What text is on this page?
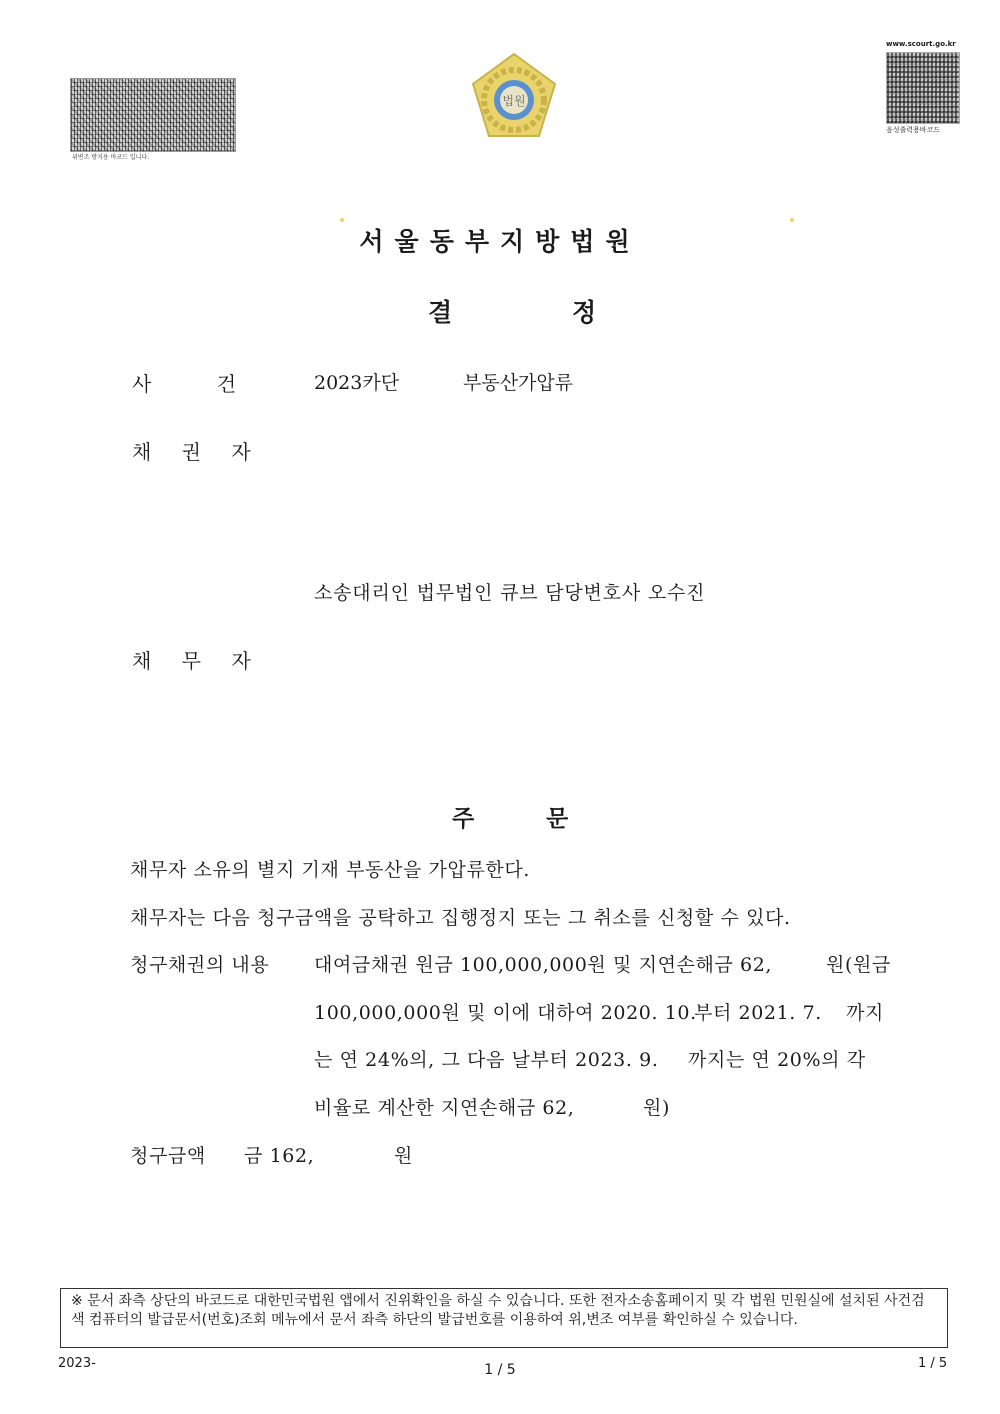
위변조 방지용 바코드 입니다.
www.scourt.go.kr
음성출력용바코드
법원
서울동부지방법원
결	정
사    건	2023카단	부동산가압류
채 권 자
소송대리인 법무법인 큐브 담당변호사 오수진
채 무 자
주	문
채무자 소유의 별지 기재 부동산을 가압류한다.
채무자는 다음 청구금액을 공탁하고 집행정지 또는 그 취소를 신청할 수 있다.
청구채권의 내용 대여금채권 원금 100,000,000원 및 지연손해금 62,	원(원금
100,000,000원 및 이에 대하여 2020. 10.
부터 2021. 7. 까지
는 연 24%의, 그 다음 날부터 2023. 9. 까지는 연 20%의 각
비율로 계산한 지연손해금 62,	원)
청구금액 금 162,	원
※ 문서 좌측 상단의 바코드로 대한민국법원 앱에서 진위확인을 하실 수 있습니다. 또한 전자소송홈페이지 및 각 법원 민원실에 설치된 사건검색 컴퓨터의 발급문서(번호)조회 메뉴에서 문서 좌측 하단의 발급번호를 이용하여 위,변조 여부를 확인하실 수 있습니다.
2023-	1 / 5	1 / 5
